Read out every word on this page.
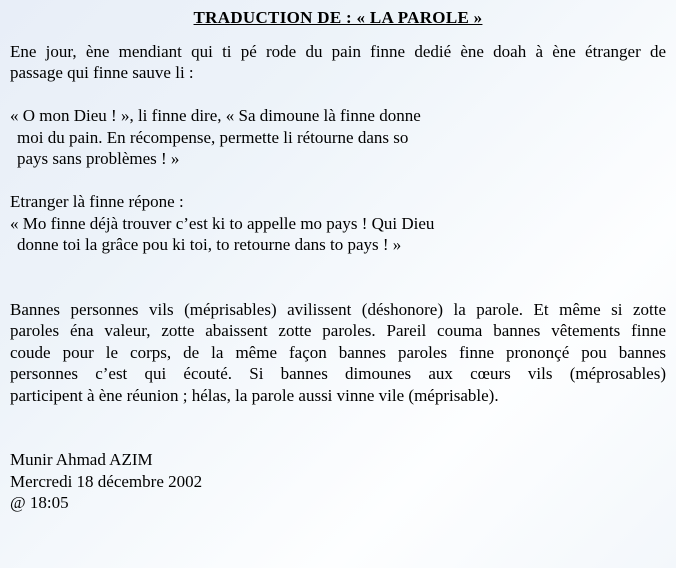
TRADUCTION DE : « LA PAROLE »
Ene jour, ène mendiant qui ti pé rode du pain finne dedié ène doah à ène étranger de
passage qui finne sauve li :
« O mon Dieu ! », li finne dire, « Sa dimoune là finne donne
moi du pain. En récompense, permette li rétourne dans so
pays sans problèmes ! »
Etranger là finne répone :
« Mo finne déjà trouver c’est ki to appelle mo pays ! Qui Dieu
donne toi la grâce pou ki toi, to retourne dans to pays ! »
Bannes personnes vils (méprisables) avilissent (déshonore) la parole. Et même si zotte
paroles éna valeur, zotte abaissent zotte paroles. Pareil couma bannes vêtements finne
coude pour le corps, de la même façon bannes paroles finne prononçé pou bannes
personnes c’est qui écouté. Si bannes dimounes aux cœurs vils (méprosables)
participent à ène réunion ; hélas, la parole aussi vinne vile (méprisable).
Munir Ahmad AZIM
Mercredi 18 décembre 2002
@ 18:05
